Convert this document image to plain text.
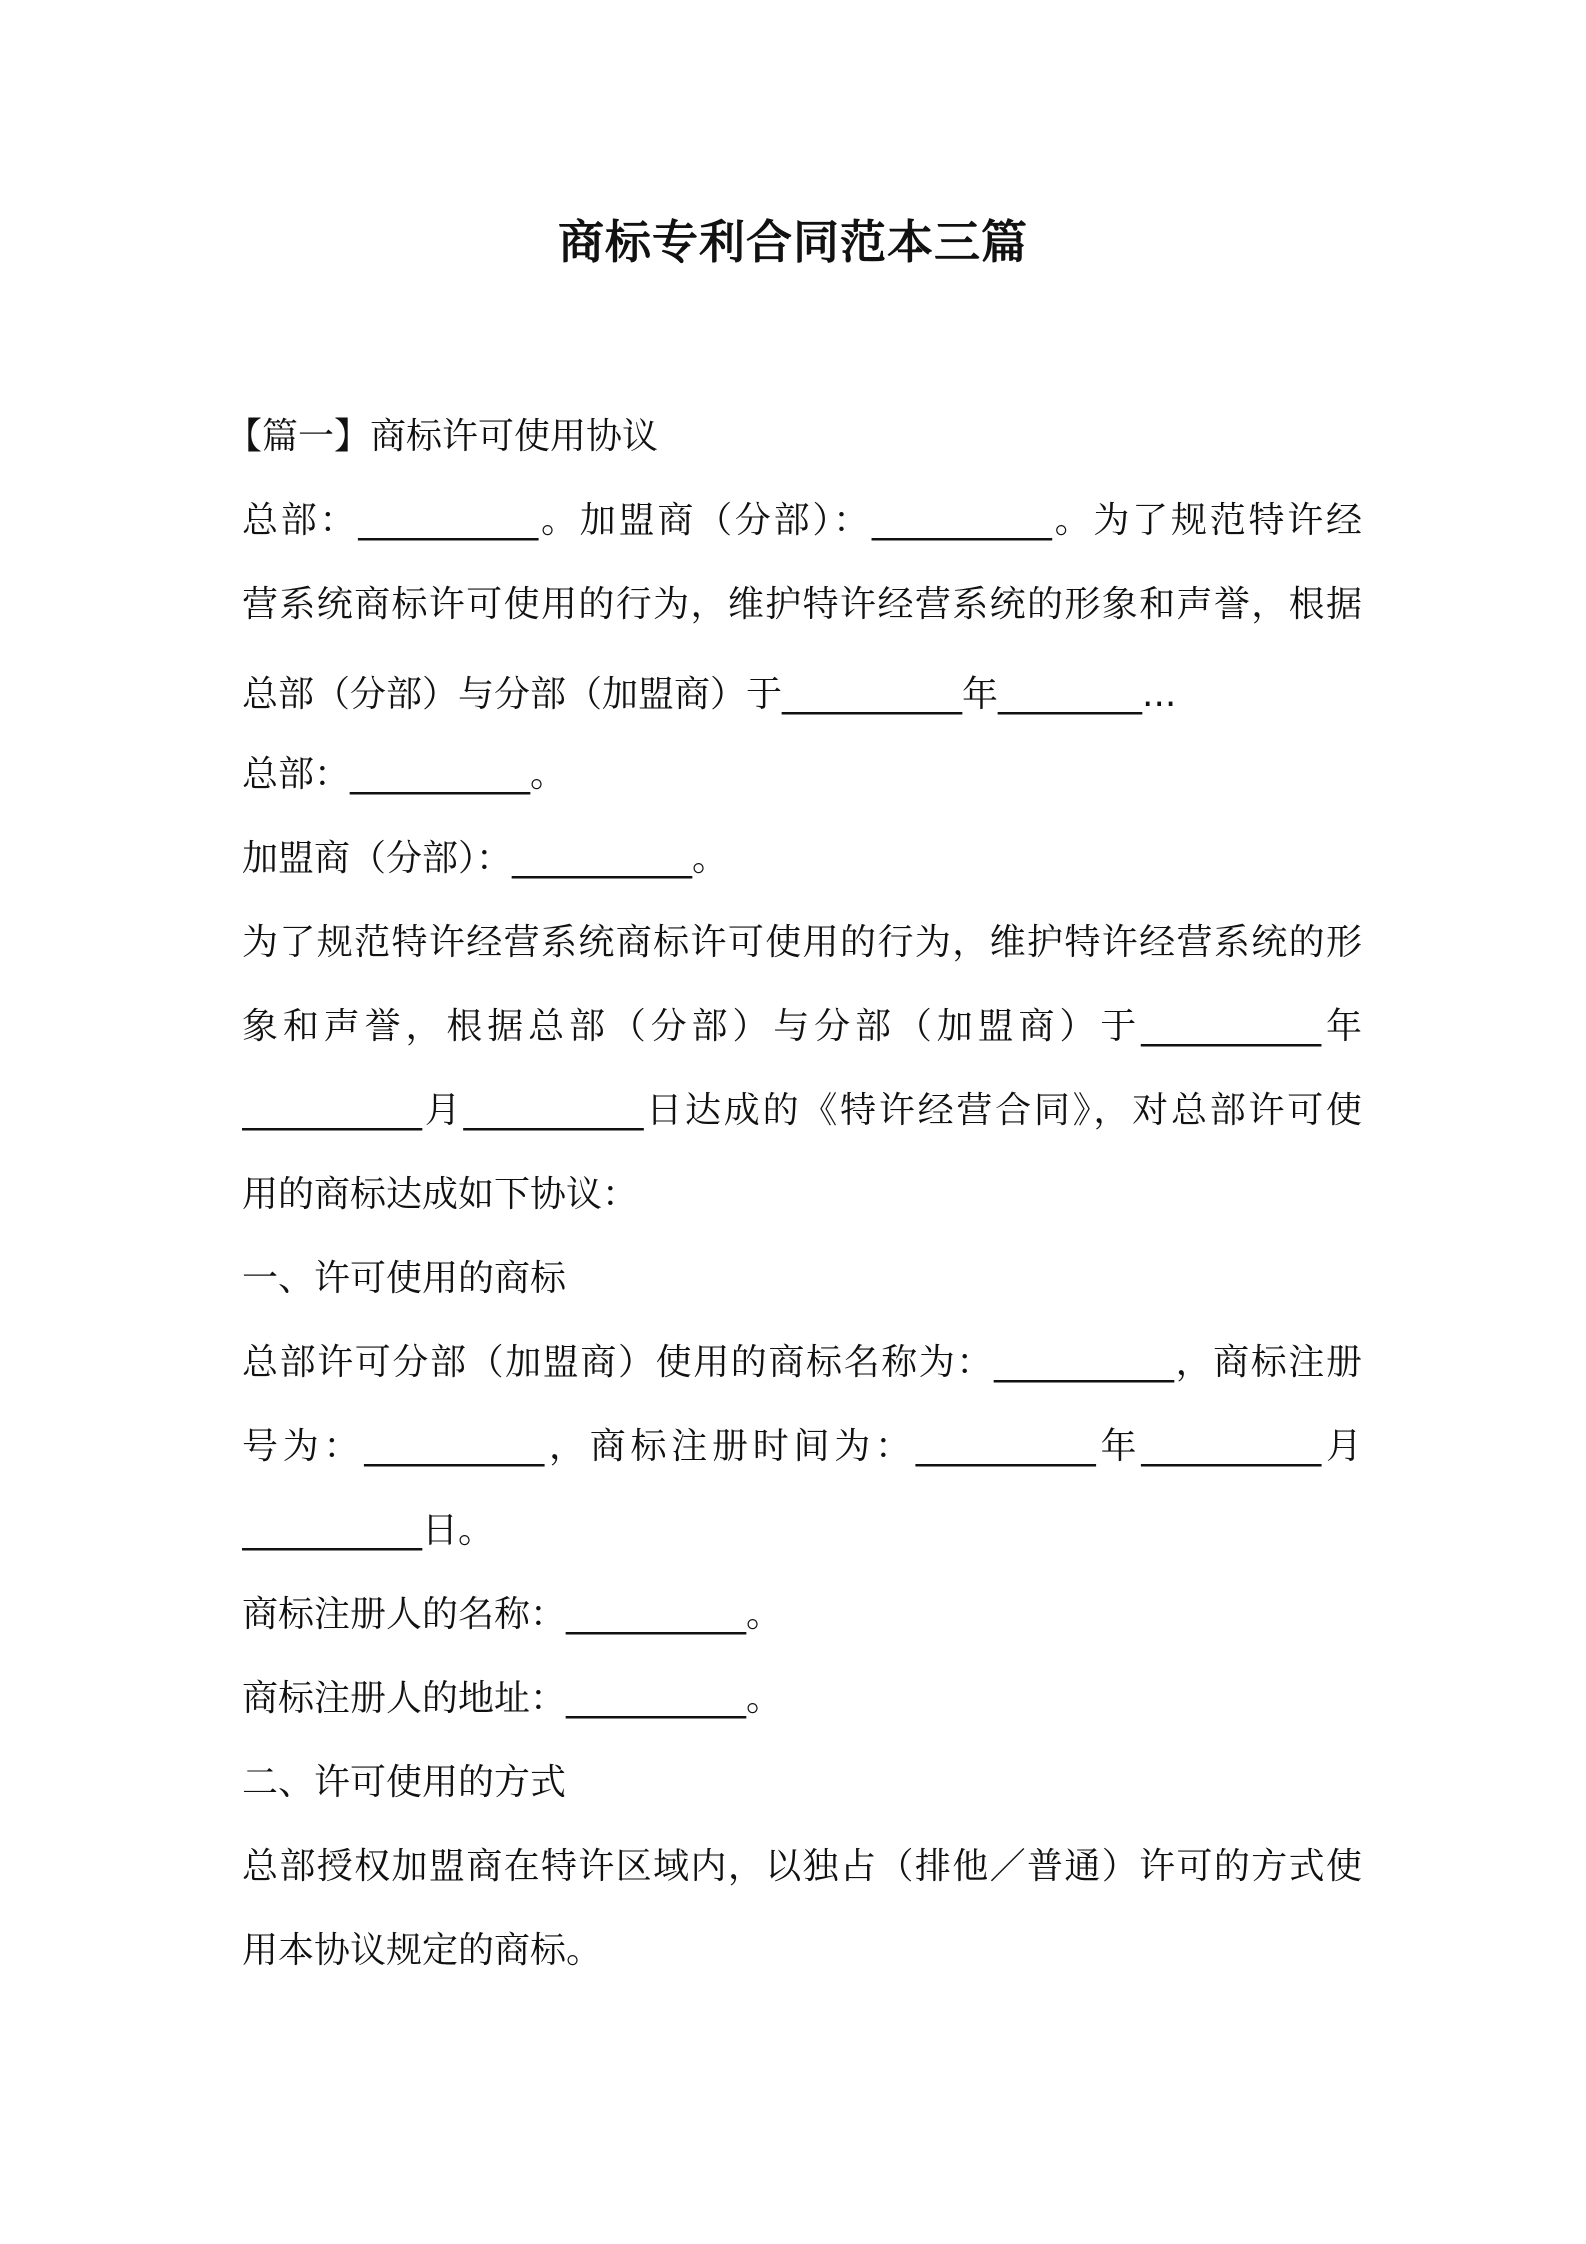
商标专利合同范本三篇
【篇一】商标许可使用协议
总部：__________。加盟商（分部）：__________。为了规范特许经
营系统商标许可使用的行为，维护特许经营系统的形象和声誉，根据
总部（分部）与分部（加盟商）于__________年________...
总部：__________。
加盟商（分部）：__________。
为了规范特许经营系统商标许可使用的行为，维护特许经营系统的形
象和声誉，根据总部（分部）与分部（加盟商）于__________年
__________月__________日达成的《特许经营合同》，对总部许可使
用的商标达成如下协议：
一、许可使用的商标
总部许可分部（加盟商）使用的商标名称为：__________，商标注册
号为：__________，商标注册时间为：__________年__________月
__________日。
商标注册人的名称：__________。
商标注册人的地址：__________。
二、许可使用的方式
总部授权加盟商在特许区域内，以独占（排他／普通）许可的方式使
用本协议规定的商标。
